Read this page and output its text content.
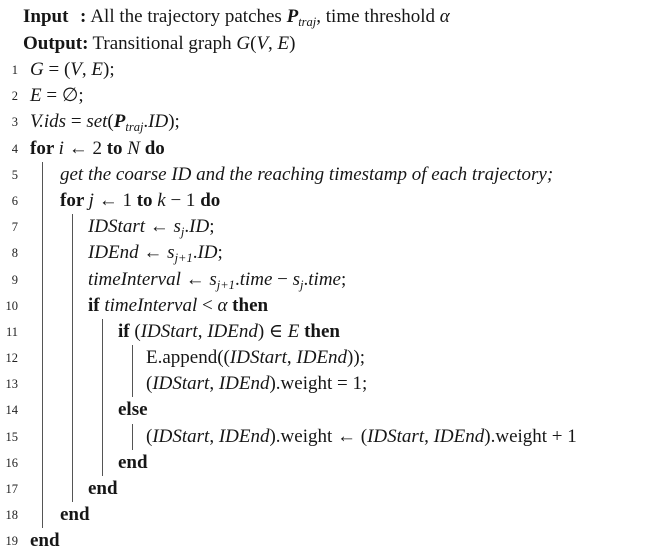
Input : All the trajectory patches $P_{traj}$, time threshold α
Output: Transitional graph G(V, E)
1 G = (V, E);
2 E = ∅;
3 $V.ids = set(P_{traj}.ID)$;
4 for i ← 2 to N do
5 get the coarse ID and the reaching timestamp of each trajectory;
6 for j ← 1 to k − 1 do
7	IDStart ← $s_j.ID$;
8	IDEnd ← $s_{j+1}.ID$;
9	timeInterval ← $s_{j+1}.time$ − $s_j.time$;
10	if timeInterval < α then
11	if (IDStart, IDEnd) ∈ E then
12	E.append((IDStart, IDEnd));
13	(IDStart, IDEnd).weight = 1;
14	else
15	(IDStart, IDEnd).weight ← (IDStart, IDEnd).weight + 1
16	end
17	end
18 end
19 end
